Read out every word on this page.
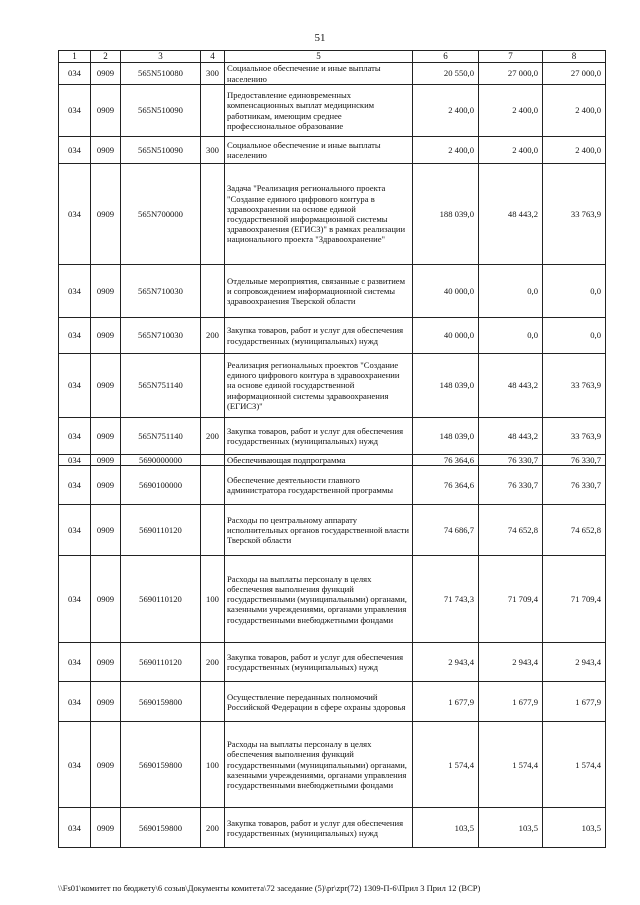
51
1	2	3	4	5	6	7	8
034	0909	565N510080	300	Социальное обеспечение и иные выплаты населению	20 550,0	27 000,0	27 000,0
034	0909	565N510090		Предоставление единовременных компенсационных выплат медицинским работникам, имеющим среднее профессиональное образование	2 400,0	2 400,0	2 400,0
034	0909	565N510090	300	Социальное обеспечение и иные выплаты населению	2 400,0	2 400,0	2 400,0
034	0909	565N700000		Задача "Реализация регионального проекта "Создание единого цифрового контура в здравоохранении на основе единой государственной информационной системы здравоохранения (ЕГИСЗ)" в рамках реализации национального проекта "Здравоохранение"	188 039,0	48 443,2	33 763,9
034	0909	565N710030		Отдельные мероприятия, связанные с развитием и сопровождением информационной системы здравоохранения Тверской области	40 000,0	0,0	0,0
034	0909	565N710030	200	Закупка товаров, работ и услуг для обеспечения государственных (муниципальных) нужд	40 000,0	0,0	0,0
034	0909	565N751140		Реализация региональных проектов "Создание единого цифрового контура в здравоохранении на основе единой государственной информационной системы здравоохранения (ЕГИСЗ)"	148 039,0	48 443,2	33 763,9
034	0909	565N751140	200	Закупка товаров, работ и услуг для обеспечения государственных (муниципальных) нужд	148 039,0	48 443,2	33 763,9
034	0909	5690000000		Обеспечивающая подпрограмма	76 364,6	76 330,7	76 330,7
034	0909	5690100000		Обеспечение деятельности главного администратора государственной программы	76 364,6	76 330,7	76 330,7
034	0909	5690110120		Расходы по центральному аппарату исполнительных органов государственной власти Тверской области	74 686,7	74 652,8	74 652,8
034	0909	5690110120	100	Расходы на выплаты персоналу в целях обеспечения выполнения функций государственными (муниципальными) органами, казенными учреждениями, органами управления государственными внебюджетными фондами	71 743,3	71 709,4	71 709,4
034	0909	5690110120	200	Закупка товаров, работ и услуг для обеспечения государственных (муниципальных) нужд	2 943,4	2 943,4	2 943,4
034	0909	5690159800		Осуществление переданных полномочий Российской Федерации в сфере охраны здоровья	1 677,9	1 677,9	1 677,9
034	0909	5690159800	100	Расходы на выплаты персоналу в целях обеспечения выполнения функций государственными (муниципальными) органами, казенными учреждениями, органами управления государственными внебюджетными фондами	1 574,4	1 574,4	1 574,4
034	0909	5690159800	200	Закупка товаров, работ и услуг для обеспечения государственных (муниципальных) нужд	103,5	103,5	103,5
\\Fs01\комитет по бюджету\6 созыв\Документы комитета\72 заседание (5)\pr\zpr(72) 1309-П-6\Прил 3 Прил 12 (ВСР)
